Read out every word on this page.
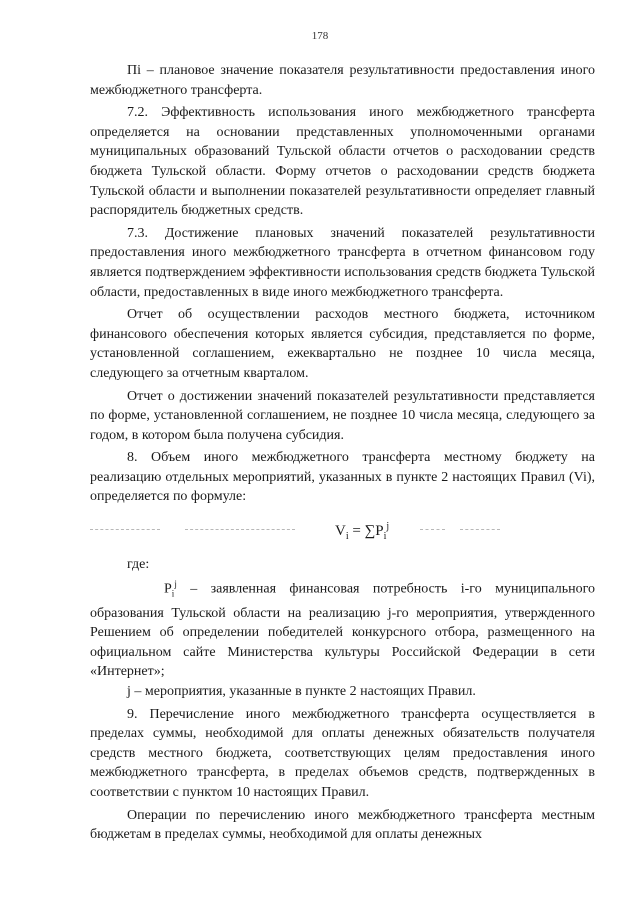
178

Пi – плановое значение показателя результативности предоставления иного межбюджетного трансферта.

7.2. Эффективность использования иного межбюджетного трансферта определяется на основании представленных уполномоченными органами муниципальных образований Тульской области отчетов о расходовании средств бюджета Тульской области. Форму отчетов о расходовании средств бюджета Тульской области и выполнении показателей результативности определяет главный распорядитель бюджетных средств.

7.3. Достижение плановых значений показателей результативности предоставления иного межбюджетного трансферта в отчетном финансовом году является подтверждением эффективности использования средств бюджета Тульской области, предоставленных в виде иного межбюджетного трансферта.

Отчет об осуществлении расходов местного бюджета, источником финансового обеспечения которых является субсидия, представляется по форме, установленной соглашением, ежеквартально не позднее 10 числа месяца, следующего за отчетным кварталом.

Отчет о достижении значений показателей результативности представляется по форме, установленной соглашением, не позднее 10 числа месяца, следующего за годом, в котором была получена субсидия.

8. Объем иного межбюджетного трансферта местному бюджету на реализацию отдельных мероприятий, указанных в пункте 2 настоящих Правил (Vi), определяется по формуле:

$V_i = \sum P_i^j$

где:

$P_i^j$ – заявленная финансовая потребность i-го муниципального образования Тульской области на реализацию j-го мероприятия, утвержденного Решением об определении победителей конкурсного отбора, размещенного на официальном сайте Министерства культуры Российской Федерации в сети «Интернет»;

j – мероприятия, указанные в пункте 2 настоящих Правил.

9. Перечисление иного межбюджетного трансферта осуществляется в пределах суммы, необходимой для оплаты денежных обязательств получателя средств местного бюджета, соответствующих целям предоставления иного межбюджетного трансферта, в пределах объемов средств, подтвержденных в соответствии с пунктом 10 настоящих Правил.

Операции по перечислению иного межбюджетного трансферта местным бюджетам в пределах суммы, необходимой для оплаты денежных
